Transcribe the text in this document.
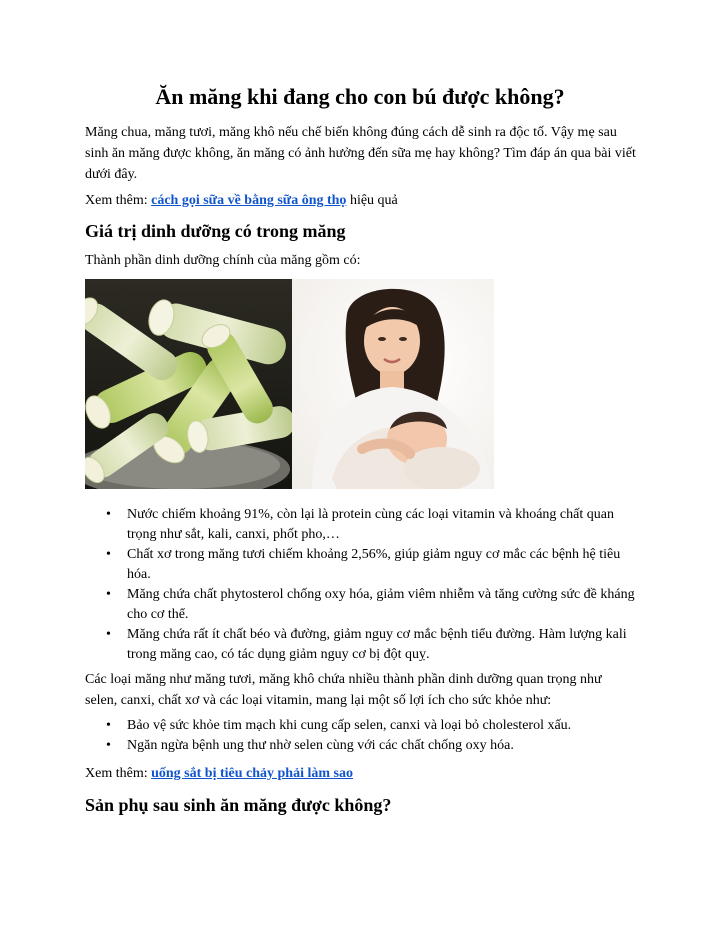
Ăn măng khi đang cho con bú được không?

Măng chua, măng tươi, măng khô nếu chế biến không đúng cách dễ sinh ra độc tố. Vậy mẹ sau sinh ăn măng được không, ăn măng có ảnh hưởng đến sữa mẹ hay không? Tìm đáp án qua bài viết dưới đây.

Xem thêm: cách gọi sữa về bằng sữa ông thọ hiệu quả

Giá trị dinh dưỡng có trong măng

Thành phần dinh dưỡng chính của măng gồm có:

• Nước chiếm khoảng 91%, còn lại là protein cùng các loại vitamin và khoáng chất quan trọng như sắt, kali, canxi, phốt pho,…
• Chất xơ trong măng tươi chiếm khoảng 2,56%, giúp giảm nguy cơ mắc các bệnh hệ tiêu hóa.
• Măng chứa chất phytosterol chống oxy hóa, giảm viêm nhiễm và tăng cường sức đề kháng cho cơ thể.
• Măng chứa rất ít chất béo và đường, giảm nguy cơ mắc bệnh tiểu đường. Hàm lượng kali trong măng cao, có tác dụng giảm nguy cơ bị đột quỵ.

Các loại măng như măng tươi, măng khô chứa nhiều thành phần dinh dưỡng quan trọng như selen, canxi, chất xơ và các loại vitamin, mang lại một số lợi ích cho sức khỏe như:

• Bảo vệ sức khỏe tim mạch khi cung cấp selen, canxi và loại bỏ cholesterol xấu.
• Ngăn ngừa bệnh ung thư nhờ selen cùng với các chất chống oxy hóa.

Xem thêm: uống sắt bị tiêu chảy phải làm sao

Sản phụ sau sinh ăn măng được không?
